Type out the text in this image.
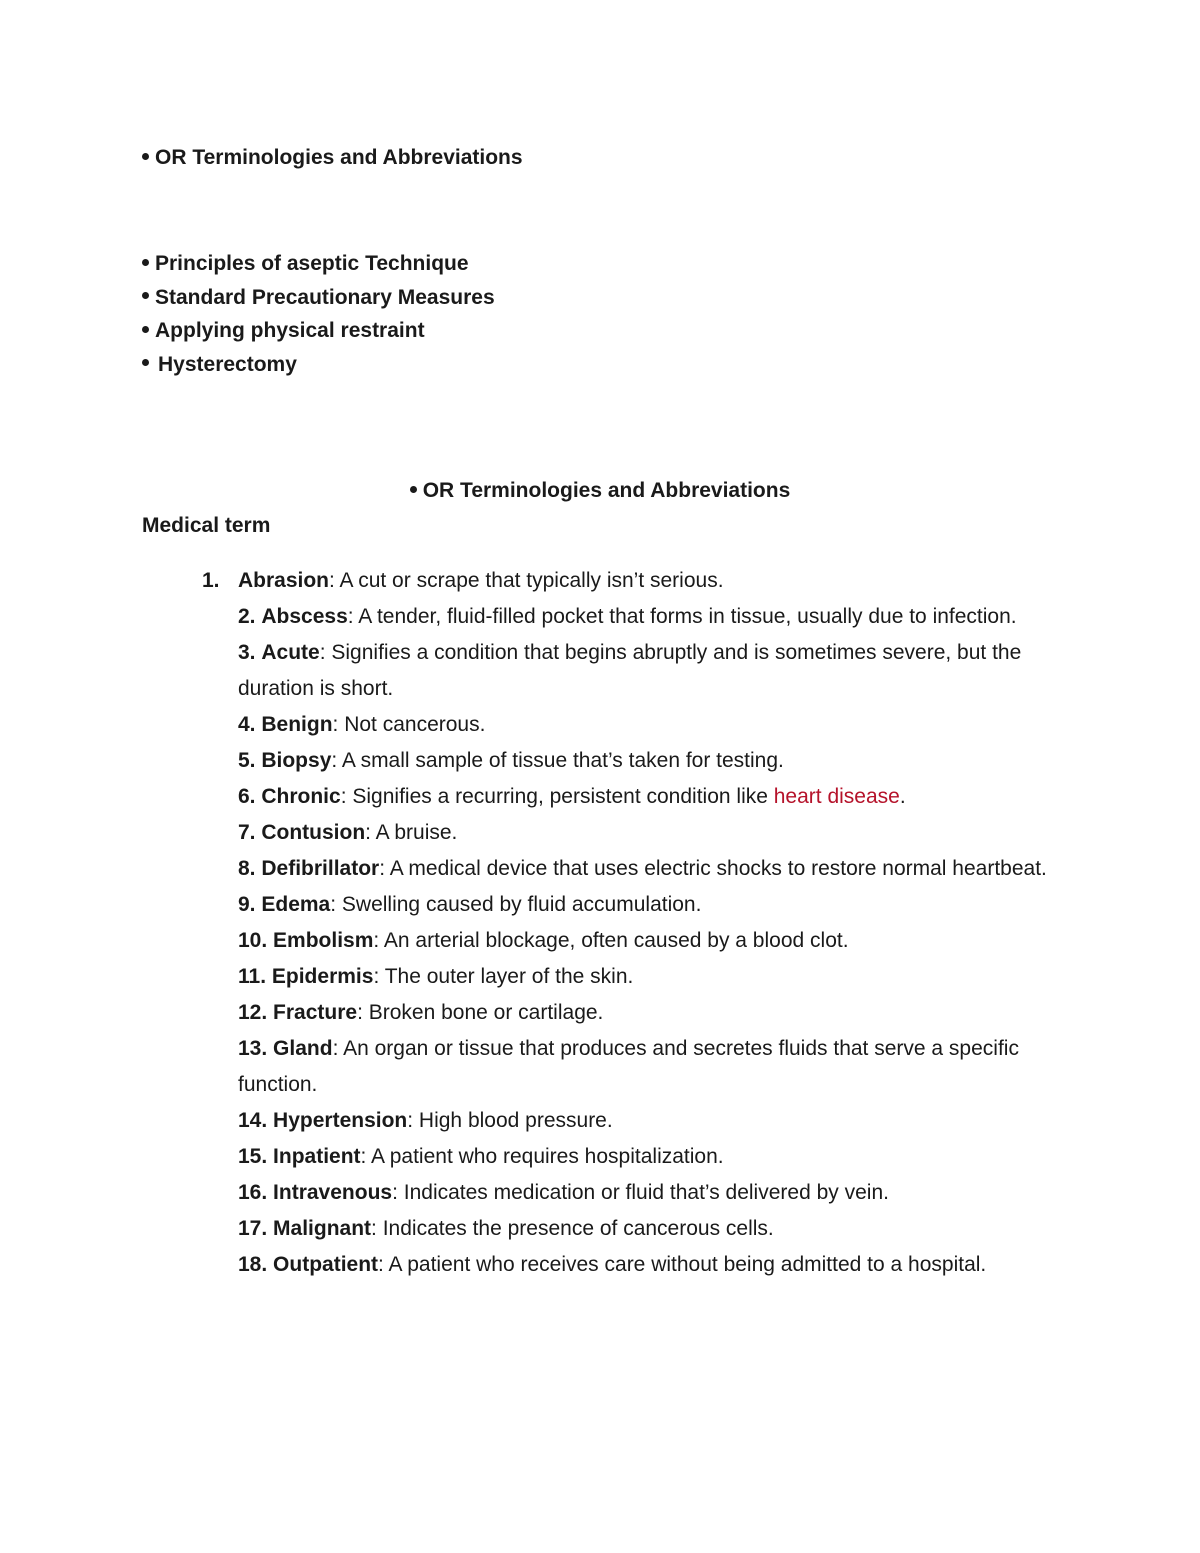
OR Terminologies and Abbreviations
Principles of aseptic Technique
Standard Precautionary Measures
Applying physical restraint
Hysterectomy
OR Terminologies and Abbreviations
Medical term
1. Abrasion: A cut or scrape that typically isn’t serious.
2. Abscess: A tender, fluid-filled pocket that forms in tissue, usually due to infection.
3. Acute: Signifies a condition that begins abruptly and is sometimes severe, but the duration is short.
4. Benign: Not cancerous.
5. Biopsy: A small sample of tissue that’s taken for testing.
6. Chronic: Signifies a recurring, persistent condition like heart disease.
7. Contusion: A bruise.
8. Defibrillator: A medical device that uses electric shocks to restore normal heartbeat.
9. Edema: Swelling caused by fluid accumulation.
10. Embolism: An arterial blockage, often caused by a blood clot.
11. Epidermis: The outer layer of the skin.
12. Fracture: Broken bone or cartilage.
13. Gland: An organ or tissue that produces and secretes fluids that serve a specific function.
14. Hypertension: High blood pressure.
15. Inpatient: A patient who requires hospitalization.
16. Intravenous: Indicates medication or fluid that’s delivered by vein.
17. Malignant: Indicates the presence of cancerous cells.
18. Outpatient: A patient who receives care without being admitted to a hospital.
